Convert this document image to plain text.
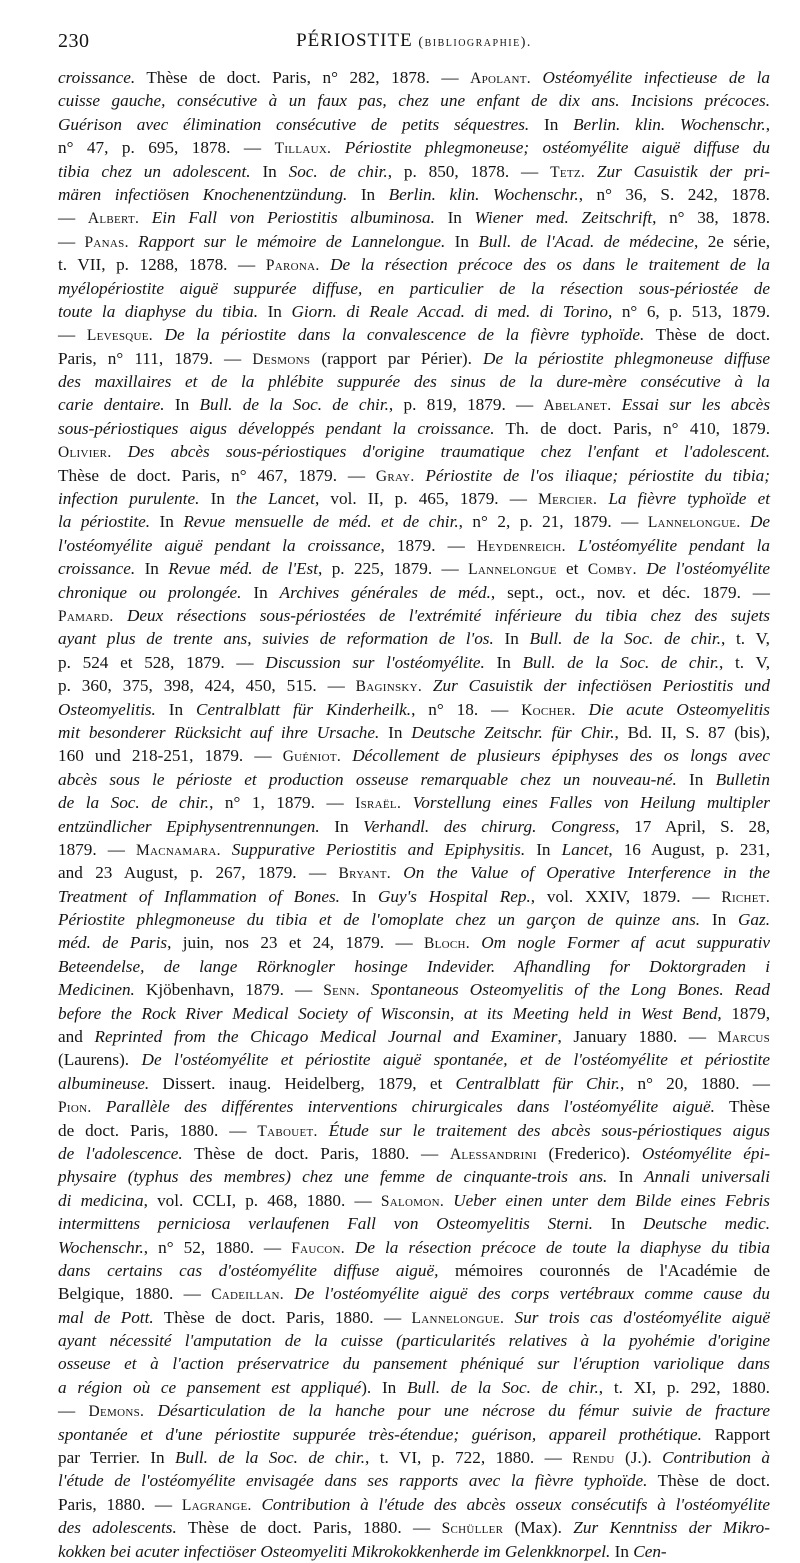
230	PÉRIOSTITE (bibliographie).
croissance. Thèse de doct. Paris, n° 282, 1878. — Apolant. Ostéomyélite infectieuse de la
cuisse gauche, consécutive à un faux pas, chez une enfant de dix ans. Incisions précoces.
Guérison avec élimination consécutive de petits séquestres. In Berlin. klin. Wochenschr.,
n° 47, p. 695, 1878. — Tillaux. Périostite phlegmoneuse; ostéomyélite aiguë diffuse du
tibia chez un adolescent. In Soc. de chir., p. 850, 1878. — Tetz. Zur Casuistik der pri-
mären infectiösen Knochenentzündung. In Berlin. klin. Wochenschr., n° 36, S. 242, 1878.
— Albert. Ein Fall von Periostitis albuminosa. In Wiener med. Zeitschrift, n° 38, 1878.
— Panas. Rapport sur le mémoire de Lannelongue. In Bull. de l'Acad. de médecine, 2e série,
t. VII, p. 1288, 1878. — Parona. De la résection précoce des os dans le traitement de la
myélopériostite aiguë suppurée diffuse, en particulier de la résection sous-périostée de
toute la diaphyse du tibia. In Giorn. di Reale Accad. di med. di Torino, n° 6, p. 513, 1879.
— Levesque. De la périostite dans la convalescence de la fièvre typhoïde. Thèse de doct.
Paris, n° 111, 1879. — Desmons (rapport par Périer). De la périostite phlegmoneuse diffuse
des maxillaires et de la phlébite suppurée des sinus de la dure-mère consécutive à la
carie dentaire. In Bull. de la Soc. de chir., p. 819, 1879. — Abelanet. Essai sur les abcès
sous-périostiques aigus développés pendant la croissance. Th. de doct. Paris, n° 410, 1879.
Olivier. Des abcès sous-périostiques d'origine traumatique chez l'enfant et l'adolescent.
Thèse de doct. Paris, n° 467, 1879. — Gray. Périostite de l'os iliaque; périostite du tibia;
infection purulente. In the Lancet, vol. II, p. 465, 1879. — Mercier. La fièvre typhoïde et
la périostite. In Revue mensuelle de méd. et de chir., n° 2, p. 21, 1879. — Lannelongue. De
l'ostéomyélite aiguë pendant la croissance, 1879. — Heydenreich. L'ostéomyélite pendant la
croissance. In Revue méd. de l'Est, p. 225, 1879. — Lannelongue et Comby. De l'ostéomyélite
chronique ou prolongée. In Archives générales de méd., sept., oct., nov. et déc. 1879. —
Pamard. Deux résections sous-périostées de l'extrémité inférieure du tibia chez des sujets
ayant plus de trente ans, suivies de reformation de l'os. In Bull. de la Soc. de chir., t. V,
p. 524 et 528, 1879. — Discussion sur l'ostéomyélite. In Bull. de la Soc. de chir., t. V,
p. 360, 375, 398, 424, 450, 515. — Baginsky. Zur Casuistik der infectiösen Periostitis und
Osteomyelitis. In Centralblatt für Kinderheilk., n° 18. — Kocher. Die acute Osteomyelitis
mit besonderer Rücksicht auf ihre Ursache. In Deutsche Zeitschr. für Chir., Bd. II, S. 87 (bis),
160 und 218-251, 1879. — Guéniot. Décollement de plusieurs épiphyses des os longs avec
abcès sous le périoste et production osseuse remarquable chez un nouveau-né. In Bulletin
de la Soc. de chir., n° 1, 1879. — Israël. Vorstellung eines Falles von Heilung multipler
entzündlicher Epiphysentrennungen. In Verhandl. des chirurg. Congress, 17 April, S. 28,
1879. — Macnamara. Suppurative Periostitis and Epiphysitis. In Lancet, 16 August, p. 231,
and 23 August, p. 267, 1879. — Bryant. On the Value of Operative Interference in the
Treatment of Inflammation of Bones. In Guy's Hospital Rep., vol. XXIV, 1879. — Richet.
Périostite phlegmoneuse du tibia et de l'omoplate chez un garçon de quinze ans. In Gaz.
méd. de Paris, juin, nos 23 et 24, 1879. — Bloch. Om nogle Former af acut suppurativ
Beteendelse, de lange Rörknogler hosinge Indevider. Afhandling for Doktorgraden i
Medicinen. Kjöbenhavn, 1879. — Senn. Spontaneous Osteomyelitis of the Long Bones. Read
before the Rock River Medical Society of Wisconsin, at its Meeting held in West Bend, 1879,
and Reprinted from the Chicago Medical Journal and Examiner, January 1880. — Marcus
(Laurens). De l'ostéomyélite et périostite aiguë spontanée, et de l'ostéomyélite et périostite
albumineuse. Dissert. inaug. Heidelberg, 1879, et Centralblatt für Chir., n° 20, 1880. —
Pion. Parallèle des différentes interventions chirurgicales dans l'ostéomyélite aiguë. Thèse
de doct. Paris, 1880. — Tabouet. Étude sur le traitement des abcès sous-périostiques aigus
de l'adolescence. Thèse de doct. Paris, 1880. — Alessandrini (Frederico). Ostéomyélite épi-
physaire (typhus des membres) chez une femme de cinquante-trois ans. In Annali universali
di medicina, vol. CCLI, p. 468, 1880. — Salomon. Ueber einen unter dem Bilde eines Febris
intermittens perniciosa verlaufenen Fall von Osteomyelitis Sterni. In Deutsche medic.
Wochenschr., n° 52, 1880. — Faucon. De la résection précoce de toute la diaphyse du tibia
dans certains cas d'ostéomyélite diffuse aiguë, mémoires couronnés de l'Académie de
Belgique, 1880. — Cadeillan. De l'ostéomyélite aiguë des corps vertébraux comme cause du
mal de Pott. Thèse de doct. Paris, 1880. — Lannelongue. Sur trois cas d'ostéomyélite aiguë
ayant nécessité l'amputation de la cuisse (particularités relatives à la pyohémie d'origine
osseuse et à l'action préservatrice du pansement phéniqué sur l'éruption variolique dans
a région où ce pansement est appliqué). In Bull. de la Soc. de chir., t. XI, p. 292, 1880.
— Demons. Désarticulation de la hanche pour une nécrose du fémur suivie de fracture
spontanée et d'une périostite suppurée très-étendue; guérison, appareil prothétique. Rapport
par Terrier. In Bull. de la Soc. de chir., t. VI, p. 722, 1880. — Rendu (J.). Contribution à
l'étude de l'ostéomyélite envisagée dans ses rapports avec la fièvre typhoïde. Thèse de doct.
Paris, 1880. — Lagrange. Contribution à l'étude des abcès osseux consécutifs à l'ostéomyélite
des adolescents. Thèse de doct. Paris, 1880. — Schüller (Max). Zur Kenntniss der Mikro-
kokken bei acuter infectiöser Osteomyeliti Mikrokokkenherde im Gelenkknorpel. In Cen-
